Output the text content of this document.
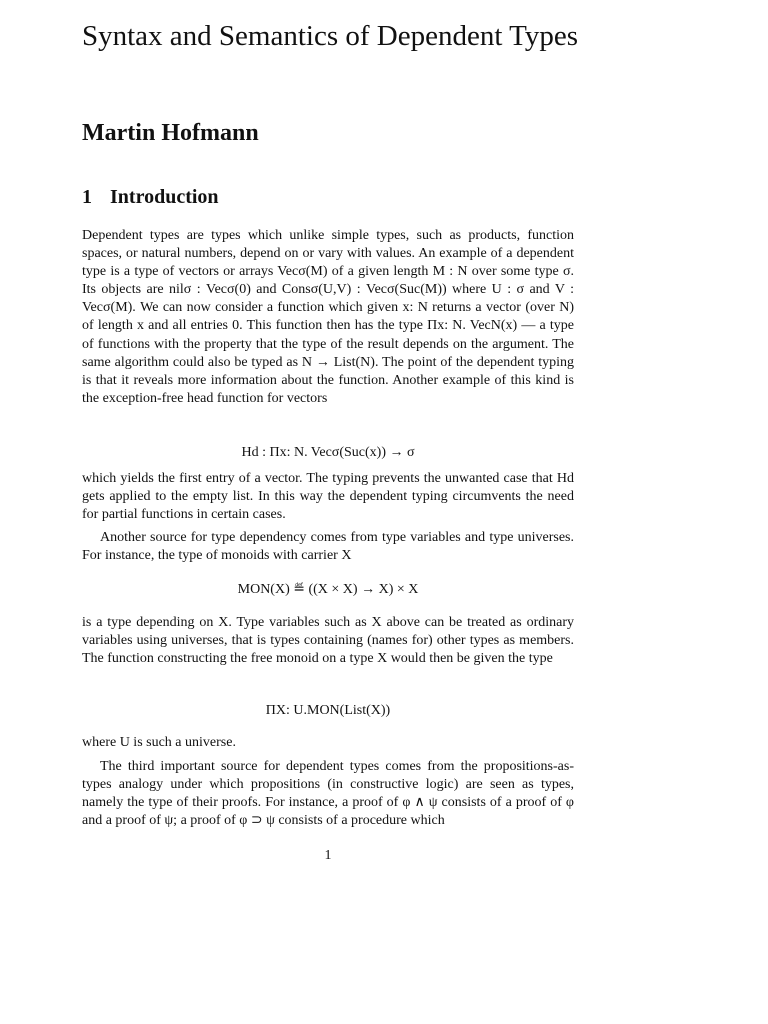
Syntax and Semantics of Dependent Types
Martin Hofmann
1 Introduction

Dependent types are types which unlike simple types, such as products, function spaces, or natural numbers, depend on or vary with values. An example of a dependent type is a type of vectors or arrays Vecσ(M) of a given length M : N over some type σ. Its objects are nilσ : Vecσ(0) and Consσ(U,V) : Vecσ(Suc(M)) where U : σ and V : Vecσ(M). We can now consider a function which given x: N returns a vector (over N) of length x and all entries 0. This function then has the type Πx: N. VecN(x) — a type of functions with the property that the type of the result depends on the argument. The same algorithm could also be typed as N → List(N). The point of the dependent typing is that it reveals more information about the function. Another example of this kind is the exception-free head function for vectors

Hd : Πx: N. Vecσ(Suc(x)) → σ

which yields the first entry of a vector. The typing prevents the unwanted case that Hd gets applied to the empty list. In this way the dependent typing circumvents the need for partial functions in certain cases.

Another source for type dependency comes from type variables and type universes. For instance, the type of monoids with carrier X

MON(X) ≝ ((X × X) → X) × X

is a type depending on X. Type variables such as X above can be treated as ordinary variables using universes, that is types containing (names for) other types as members. The function constructing the free monoid on a type X would then be given the type

ΠX: U.MON(List(X))

where U is such a universe.

The third important source for dependent types comes from the propositions-as-types analogy under which propositions (in constructive logic) are seen as types, namely the type of their proofs. For instance, a proof of φ ∧ ψ consists of a proof of φ and a proof of ψ; a proof of φ ⊃ ψ consists of a procedure which

1
